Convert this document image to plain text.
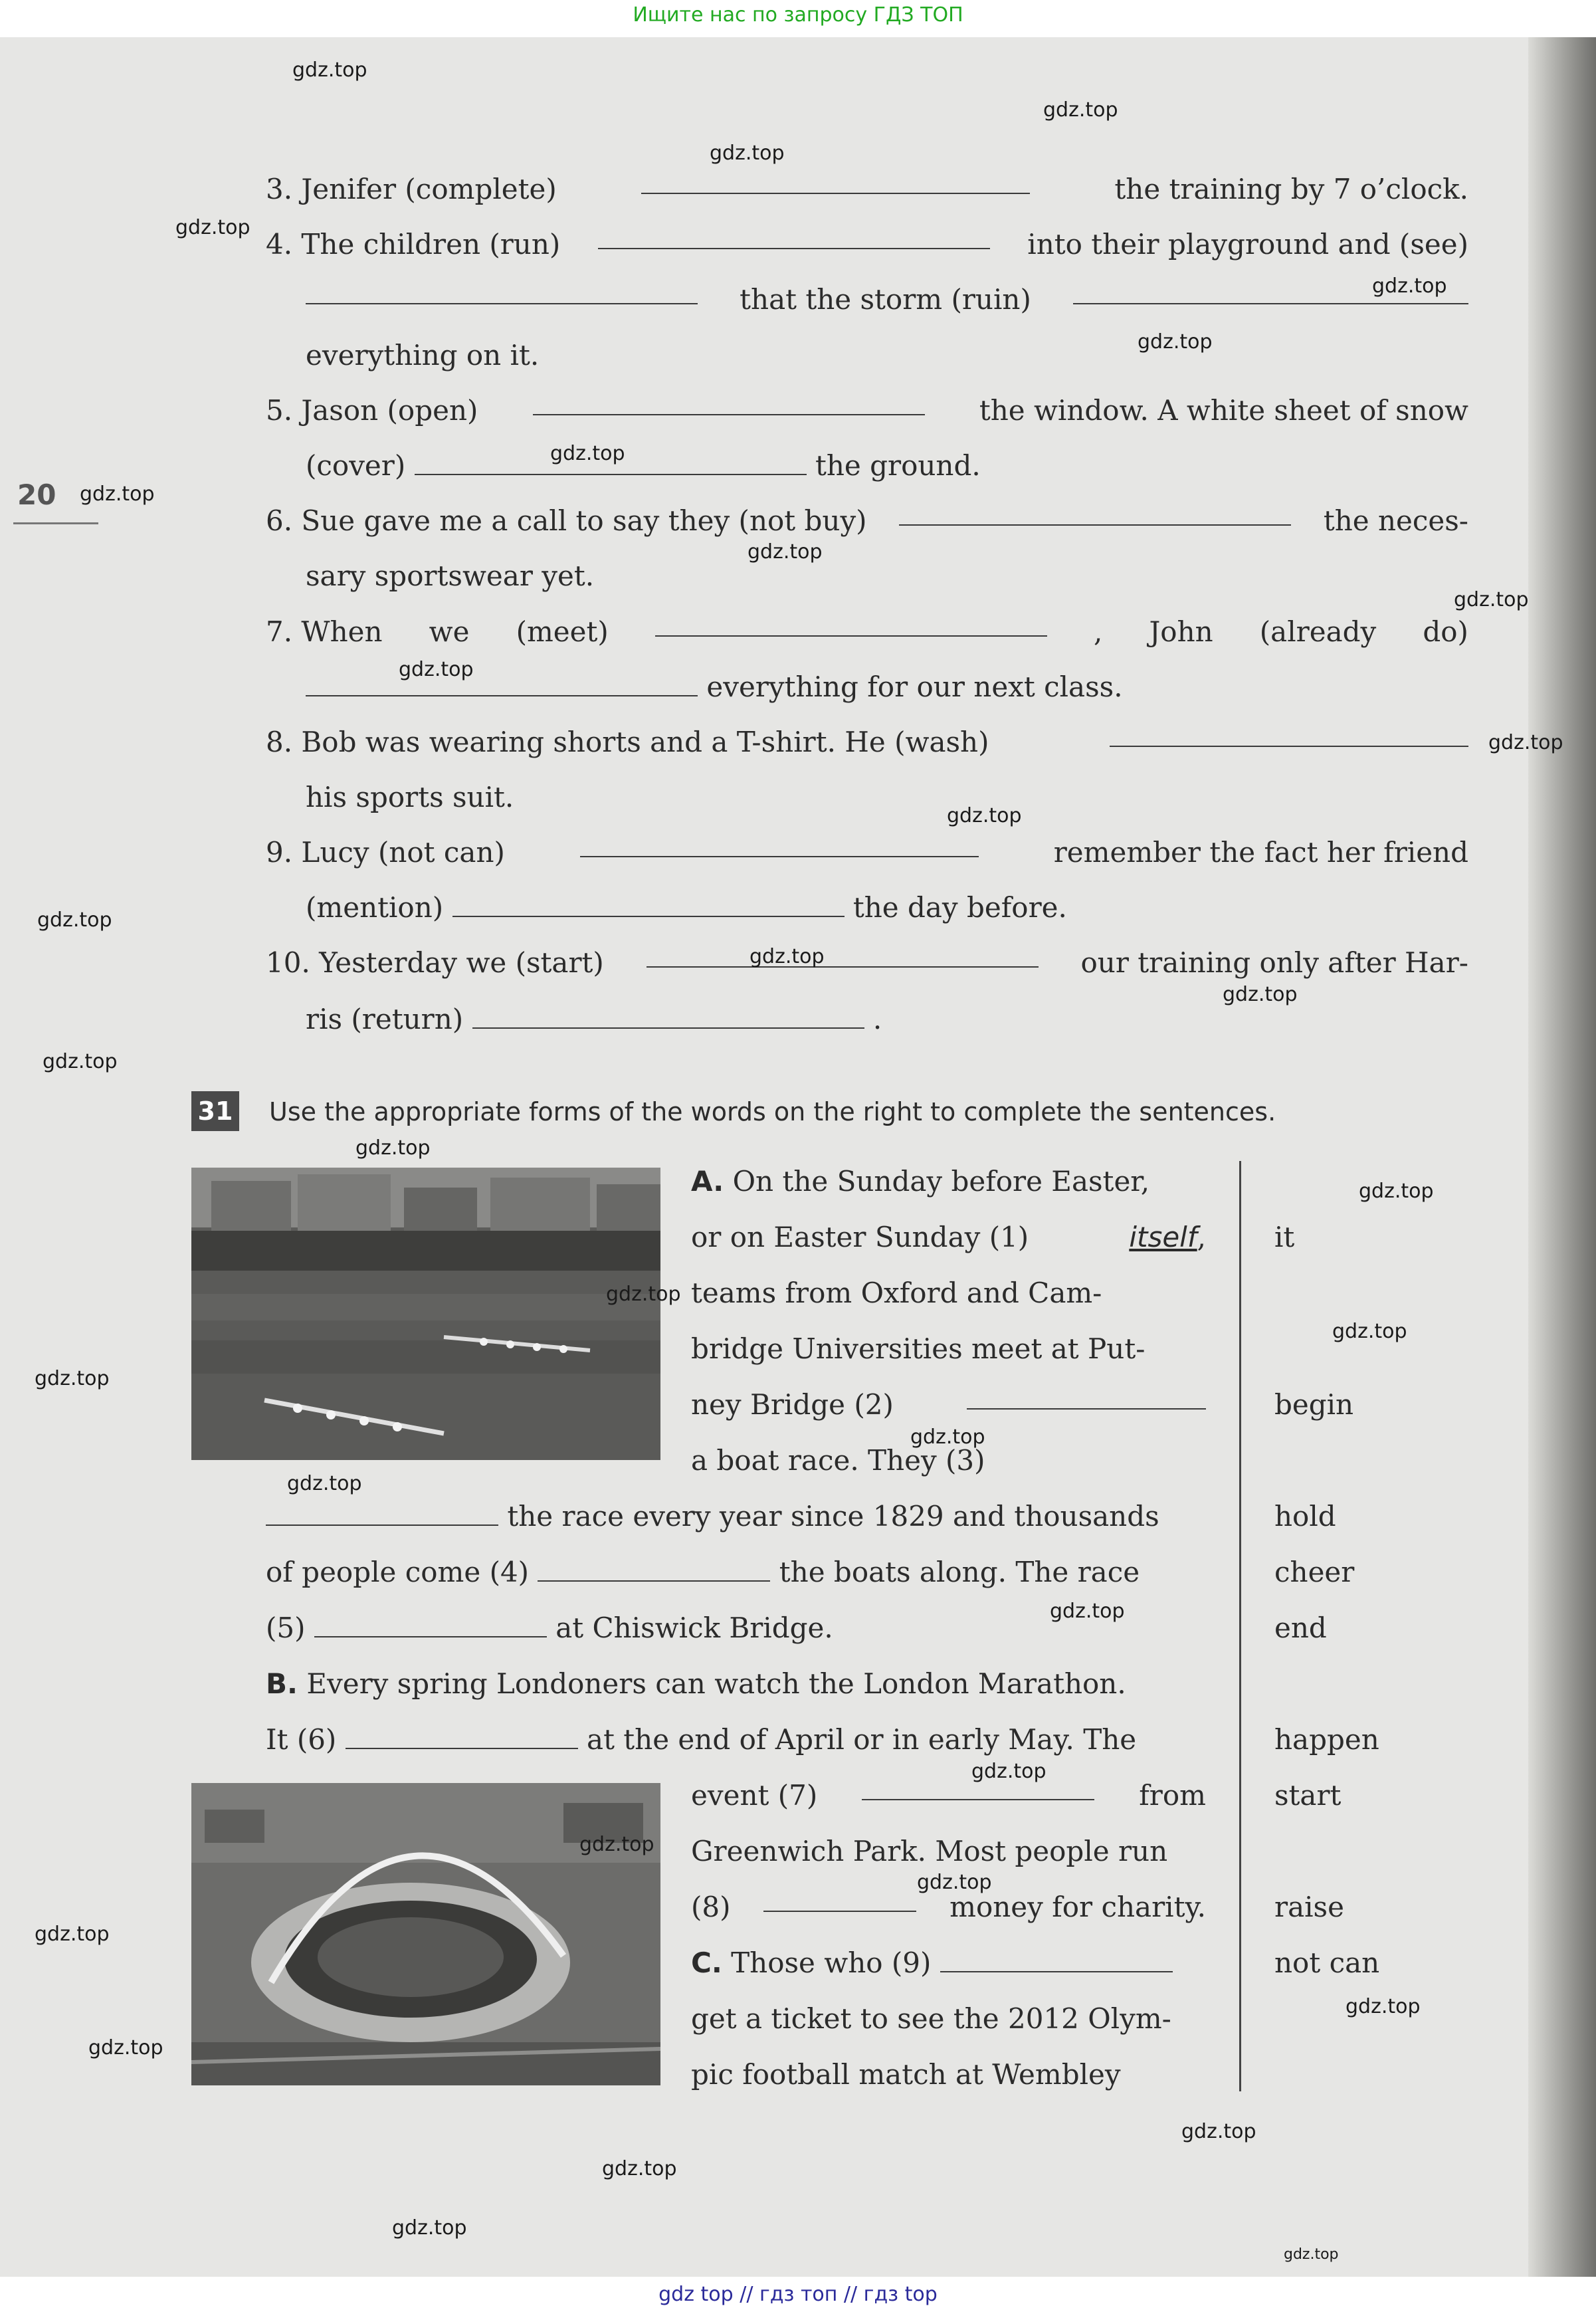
Ищите нас по запросу ГДЗ ТОП
20
3. Jenifer (complete)	the training by 7 o’clock.
4. The children (run)	into their playground and (see)
that the storm (ruin)
everything on it.
5. Jason (open)	the window. A white sheet of snow
(cover)	the ground.
6. Sue gave me a call to say they (not buy)	the neces-
sary sportswear yet.
7. When we (meet)	, John (already do)
everything for our next class.
8. Bob was wearing shorts and a T-shirt. He (wash)
his sports suit.
9. Lucy (not can)	remember the fact her friend
(mention)	the day before.
10. Yesterday we (start)	our training only after Har-
ris (return)	.
31 Use the appropriate forms of the words on the right to complete the sentences.
A. On the Sunday before Easter,
or on Easter Sunday (1)	itself,
teams from Oxford and Cam-
bridge Universities meet at Put-
ney Bridge (2)
a boat race. They (3)
the race every year since 1829 and thousands
of people come (4)	the boats along. The race
(5)	at Chiswick Bridge.
B. Every spring Londoners can watch the London Marathon.
It (6)	at the end of April or in early May. The
event (7)	from
Greenwich Park. Most people run
(8)	money for charity.
C. Those who (9)
get a ticket to see the 2012 Olym-
pic football match at Wembley
it
begin
hold
cheer
end
happen
start
raise
not can
gdz.top
gdz.top
gdz.top
gdz.top
gdz.top
gdz.top
gdz.top
gdz.top
gdz.top
gdz.top
gdz.top
gdz.top
gdz.top
gdz.top
gdz.top
gdz.top
gdz.top
gdz.top
gdz.top
gdz.top
gdz.top
gdz.top
gdz.top
gdz.top
gdz.top
gdz.top
gdz.top
gdz.top
gdz.top
gdz.top
gdz.top
gdz.top
gdz.top
gdz.top
gdz.top
gdz top // гдз топ // гдз top
